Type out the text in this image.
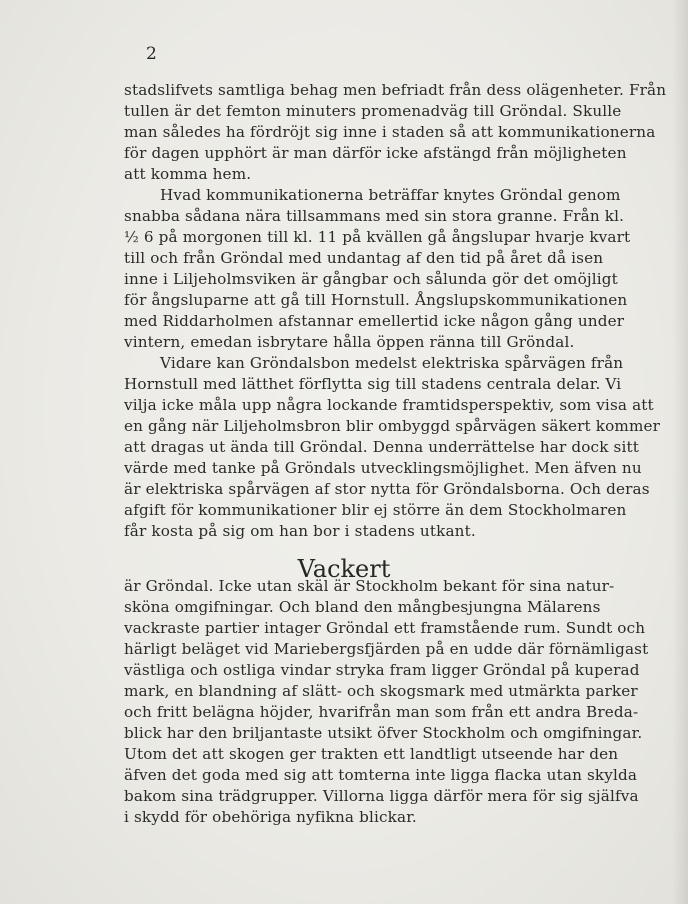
2
stadslifvets samtliga behag men befriadt från dess olägenheter. Från
tullen är det femton minuters promenadväg till Gröndal. Skulle
man således ha fördröjt sig inne i staden så att kommunikationerna
för dagen upphört är man därför icke afstängd från möjligheten
att komma hem.
Hvad kommunikationerna beträffar knytes Gröndal genom
snabba sådana nära tillsammans med sin stora granne. Från kl.
½ 6 på morgonen till kl. 11 på kvällen gå ångslupar hvarje kvart
till och från Gröndal med undantag af den tid på året då isen
inne i Liljeholmsviken är gångbar och sålunda gör det omöjligt
för ångsluparne att gå till Hornstull. Ångslupskommunikationen
med Riddarholmen afstannar emellertid icke någon gång under
vintern, emedan isbrytare hålla öppen ränna till Gröndal.
Vidare kan Gröndalsbon medelst elektriska spårvägen från
Hornstull med lätthet förflytta sig till stadens centrala delar. Vi
vilja icke måla upp några lockande framtidsperspektiv, som visa att
en gång när Liljeholmsbron blir ombyggd spårvägen säkert kommer
att dragas ut ända till Gröndal. Denna underrättelse har dock sitt
värde med tanke på Gröndals utvecklingsmöjlighet. Men äfven nu
är elektriska spårvägen af stor nytta för Gröndalsborna. Och deras
afgift för kommunikationer blir ej större än dem Stockholmaren
får kosta på sig om han bor i stadens utkant.
Vackert
är Gröndal. Icke utan skäl är Stockholm bekant för sina natur-
sköna omgifningar. Och bland den mångbesjungna Mälarens
vackraste partier intager Gröndal ett framstående rum. Sundt och
härligt beläget vid Mariebergsfjärden på en udde där förnämligast
västliga och ostliga vindar stryka fram ligger Gröndal på kuperad
mark, en blandning af slätt- och skogsmark med utmärkta parker
och fritt belägna höjder, hvarifrån man som från ett andra Breda-
blick har den briljantaste utsikt öfver Stockholm och omgifningar.
Utom det att skogen ger trakten ett landtligt utseende har den
äfven det goda med sig att tomterna inte ligga flacka utan skylda
bakom sina trädgrupper. Villorna ligga därför mera för sig själfva
i skydd för obehöriga nyfikna blickar.
